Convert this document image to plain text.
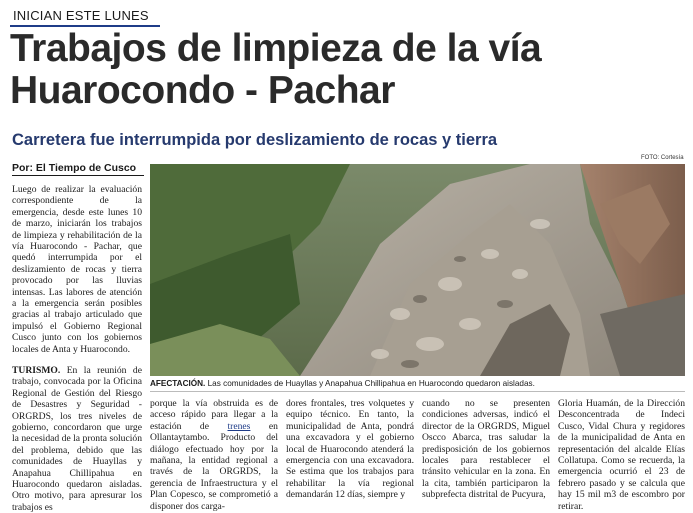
INICIAN ESTE LUNES
Trabajos de limpieza de la vía Huarocondo - Pachar
Carretera fue interrumpida por deslizamiento de rocas y tierra
Por: El Tiempo de Cusco
FOTO: Cortesía
AFECTACIÓN. Las comunidades de Huayllas y Anapahua Chillipahua en Huarocondo quedaron aisladas.

Luego de realizar la evaluación correspondiente de la emergencia, desde este lunes 10 de marzo, iniciarán los trabajos de limpieza y rehabilitación de la vía Huarocondo - Pachar, que quedó interrumpida por el deslizamiento de rocas y tierra provocado por las lluvias intensas. Las labores de atención a la emergencia serán posibles gracias al trabajo articulado que impulsó el Gobierno Regional Cusco junto con los gobiernos locales de Anta y Huarocondo.

TURISMO. En la reunión de trabajo, convocada por la Oficina Regional de Gestión del Riesgo de Desastres y Seguridad - ORGRDS, los tres niveles de gobierno, concordaron que urge la necesidad de la pronta solución del problema, debido que las comunidades de Huayllas y Anapahua Chillipahua en Huarocondo quedaron aisladas. Otro motivo, para apresurar los trabajos es

porque la vía obstruida es de acceso rápido para llegar a la estación de trenes en Ollantaytambo. Producto del diálogo efectuado hoy por la mañana, la entidad regional a través de la ORGRDS, la gerencia de Infraestructura y el Plan Copesco, se comprometió a disponer dos carga-

dores frontales, tres volquetes y equipo técnico. En tanto, la municipalidad de Anta, pondrá una excavadora y el gobierno local de Huarocondo atenderá la emergencia con una excavadora. Se estima que los trabajos para rehabilitar la vía regional demandarán 12 días, siempre y

cuando no se presenten condiciones adversas, indicó el director de la ORGRDS, Miguel Oscco Abarca, tras saludar la predisposición de los gobiernos locales para restablecer el tránsito vehicular en la zona. En la cita, también participaron la subprefecta distrital de Pucyura,

Gloria Huamán, de la Dirección Desconcentrada de Indeci Cusco, Vidal Chura y regidores de la municipalidad de Anta en representación del alcalde Elías Collatupa. Como se recuerda, la emergencia ocurrió el 23 de febrero pasado y se calcula que hay 15 mil m3 de escombro por retirar.
